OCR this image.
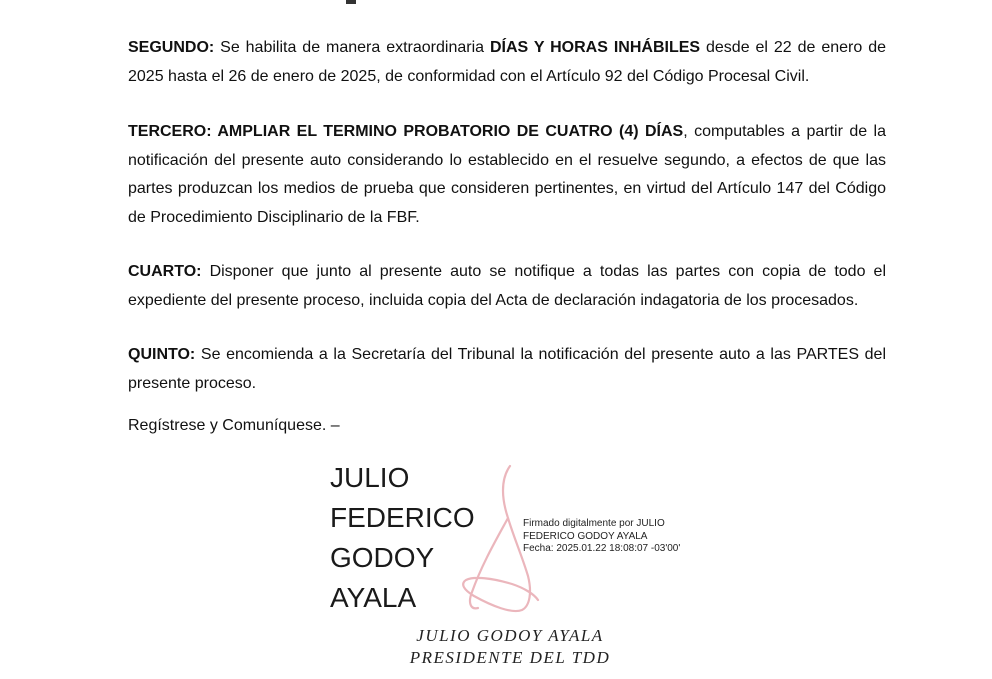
SEGUNDO: Se habilita de manera extraordinaria DÍAS Y HORAS INHÁBILES desde el 22 de enero de 2025 hasta el 26 de enero de 2025, de conformidad con el Artículo 92 del Código Procesal Civil.

TERCERO: AMPLIAR EL TERMINO PROBATORIO DE CUATRO (4) DÍAS, computables a partir de la notificación del presente auto considerando lo establecido en el resuelve segundo, a efectos de que las partes produzcan los medios de prueba que consideren pertinentes, en virtud del Artículo 147 del Código de Procedimiento Disciplinario de la FBF.

CUARTO: Disponer que junto al presente auto se notifique a todas las partes con copia de todo el expediente del presente proceso, incluida copia del Acta de declaración indagatoria de los procesados.

QUINTO: Se encomienda a la Secretaría del Tribunal la notificación del presente auto a las PARTES del presente proceso.

Regístrese y Comuníquese. –
JULIO
FEDERICO
GODOY
AYALA
Firmado digitalmente por JULIO
FEDERICO GODOY AYALA
Fecha: 2025.01.22 18:08:07 -03'00'
JULIO GODOY AYALA
PRESIDENTE DEL TDD
